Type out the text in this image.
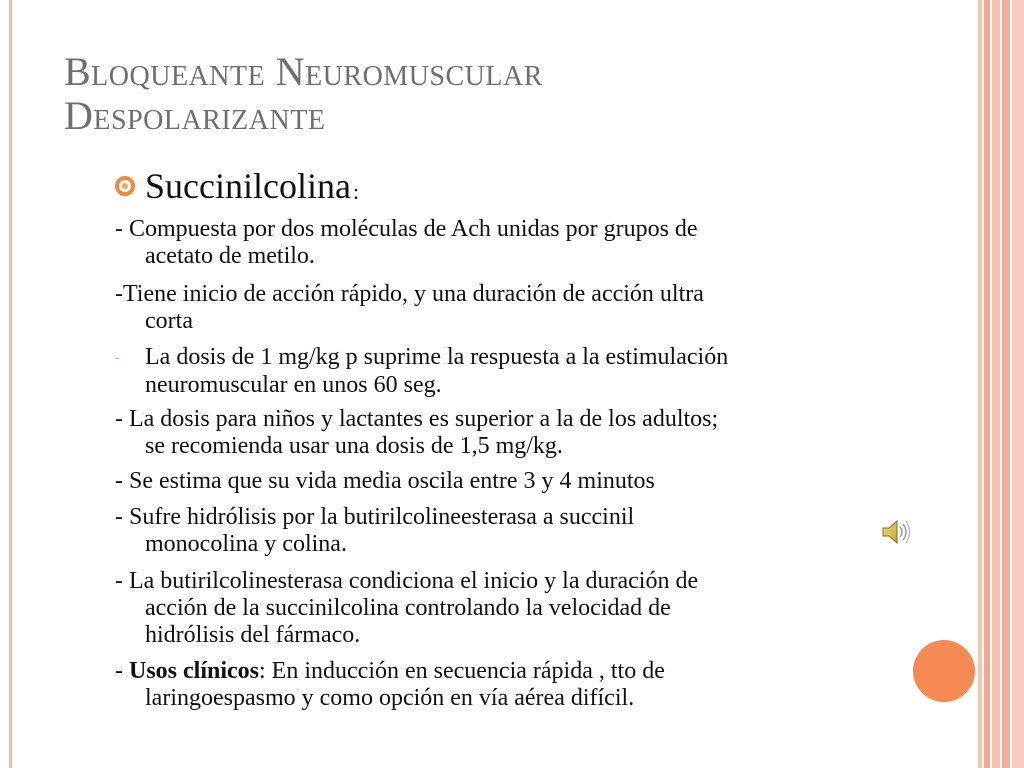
Bloqueante Neuromuscular
Despolarizante
Succinilcolina :

- Compuesta por dos moléculas de Ach unidas por grupos de
acetato de metilo.

-Tiene inicio de acción rápido, y una duración de acción ultra
corta

- La dosis de 1 mg/kg p suprime la respuesta a la estimulación
neuromuscular en unos 60 seg.

- La dosis para niños y lactantes es superior a la de los adultos;
se recomienda usar una dosis de 1,5 mg/kg.

- Se estima que su vida media oscila entre 3 y 4 minutos

- Sufre hidrólisis por la butirilcolineesterasa a succinil
monocolina y colina.

- La butirilcolinesterasa condiciona el inicio y la duración de
acción de la succinilcolina controlando la velocidad de
hidrólisis del fármaco.

- Usos clínicos: En inducción en secuencia rápida , tto de
laringoespasmo y como opción en vía aérea difícil.
